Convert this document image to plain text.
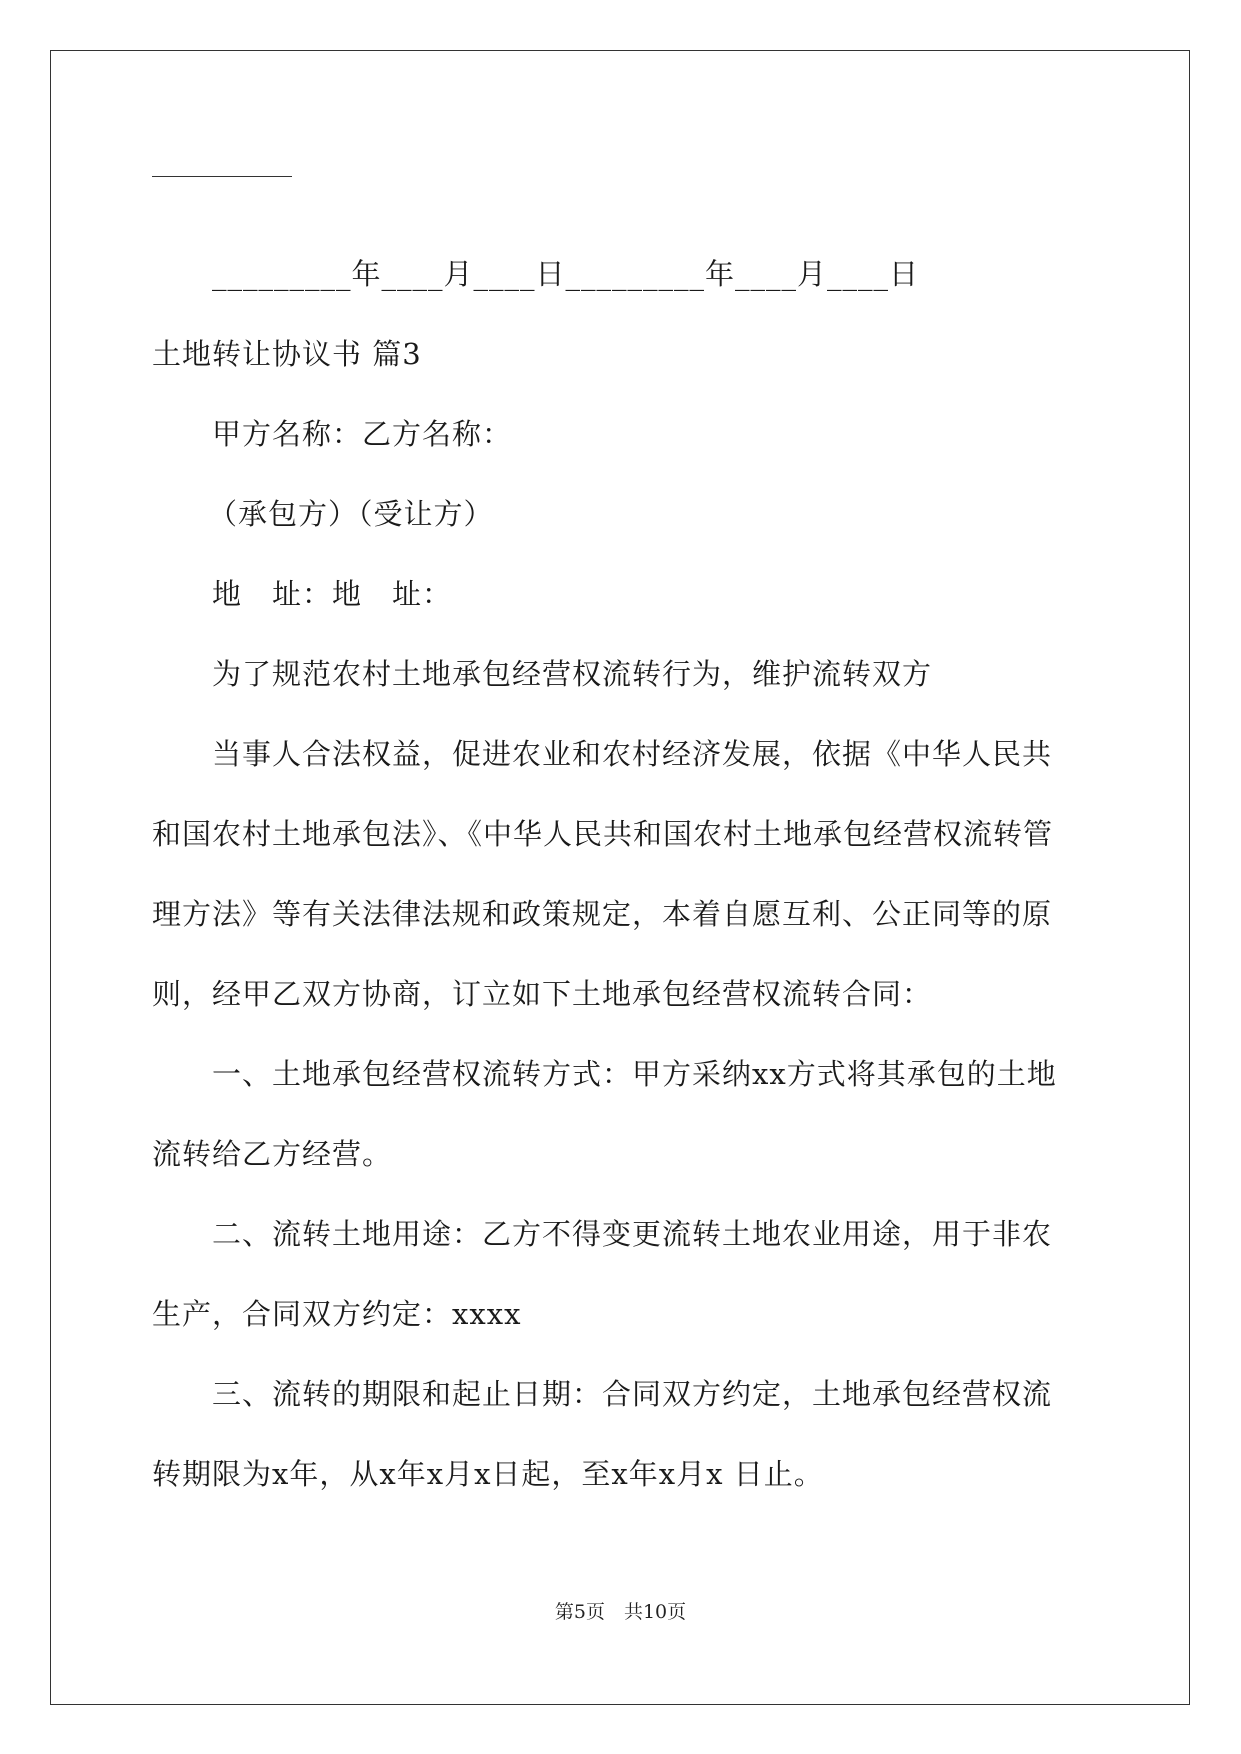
_________年____月____日_________年____月____日
土地转让协议书 篇3
甲方名称：乙方名称：
（承包方）（受让方）
地　址：地　址：
为了规范农村土地承包经营权流转行为，维护流转双方
当事人合法权益，促进农业和农村经济发展，依据《中华人民共
和国农村土地承包法》、《中华人民共和国农村土地承包经营权流转管
理方法》等有关法律法规和政策规定，本着自愿互利、公正同等的原
则，经甲乙双方协商，订立如下土地承包经营权流转合同：
一、土地承包经营权流转方式：甲方采纳xx方式将其承包的土地
流转给乙方经营。
二、流转土地用途：乙方不得变更流转土地农业用途，用于非农
生产，合同双方约定：xxxx
三、流转的期限和起止日期：合同双方约定，土地承包经营权流
转期限为x年，从x年x月x日起，至x年x月x 日止。
第5页　共10页
